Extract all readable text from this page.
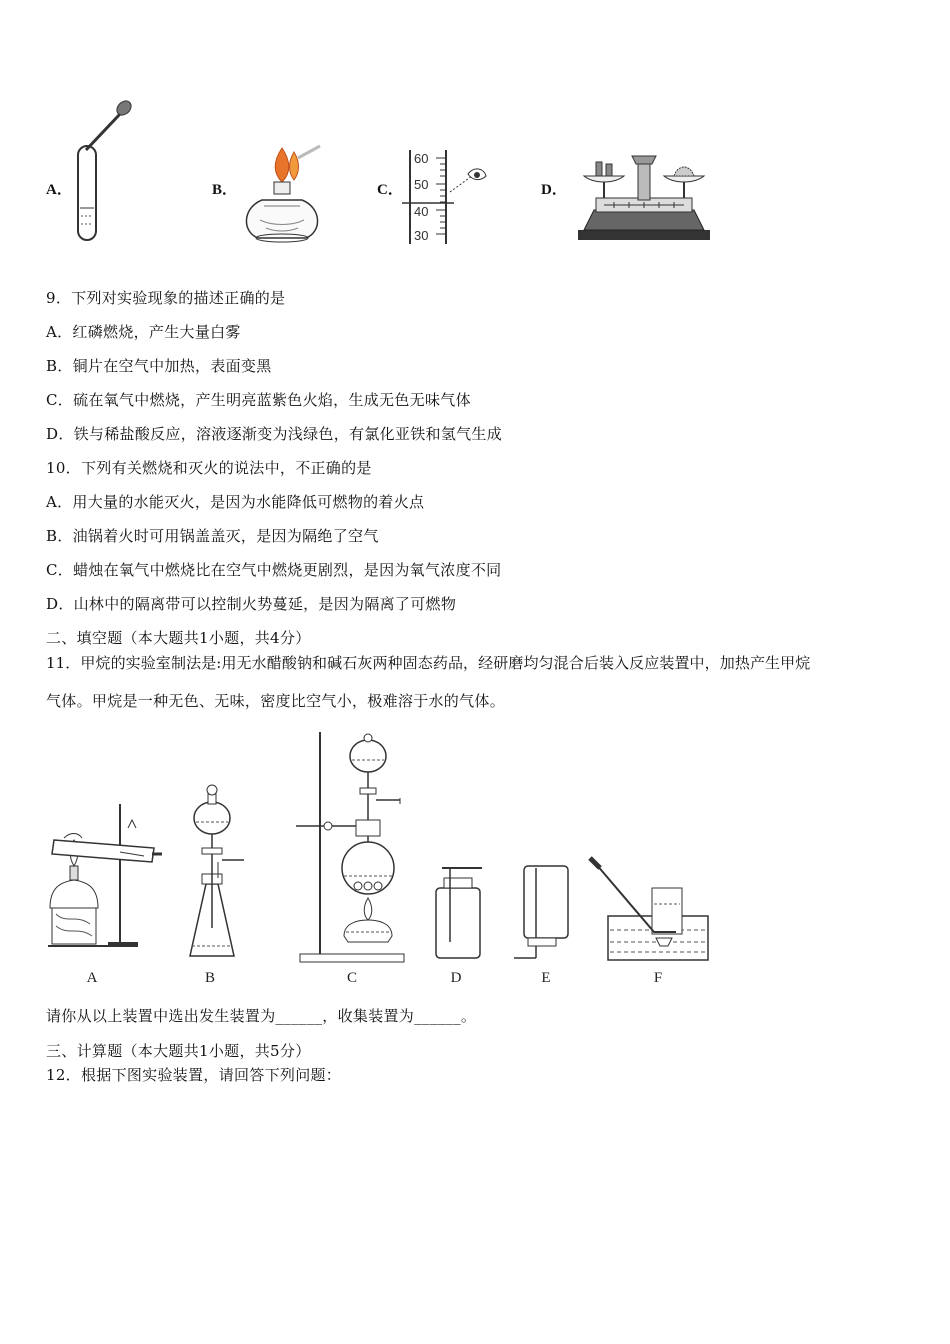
A．	B．	C．	D．
60
50
40
30
9．下列对实验现象的描述正确的是
A．红磷燃烧，产生大量白雾
B．铜片在空气中加热，表面变黑
C．硫在氧气中燃烧，产生明亮蓝紫色火焰，生成无色无味气体
D．铁与稀盐酸反应，溶液逐渐变为浅绿色，有氯化亚铁和氢气生成
10．下列有关燃烧和灭火的说法中，不正确的是
A．用大量的水能灭火，是因为水能降低可燃物的着火点
B．油锅着火时可用锅盖盖灭，是因为隔绝了空气
C．蜡烛在氧气中燃烧比在空气中燃烧更剧烈，是因为氧气浓度不同
D．山林中的隔离带可以控制火势蔓延，是因为隔离了可燃物
二、填空题（本大题共1小题，共4分）
11．甲烷的实验室制法是:用无水醋酸钠和碱石灰两种固态药品，经研磨均匀混合后装入反应装置中，加热产生甲烷
气体。甲烷是一种无色、无味，密度比空气小，极难溶于水的气体。
A	B	C	D	E	F
请你从以上装置中选出发生装置为______，收集装置为______。
三、计算题（本大题共1小题，共5分）
12．根据下图实验装置，请回答下列问题：
